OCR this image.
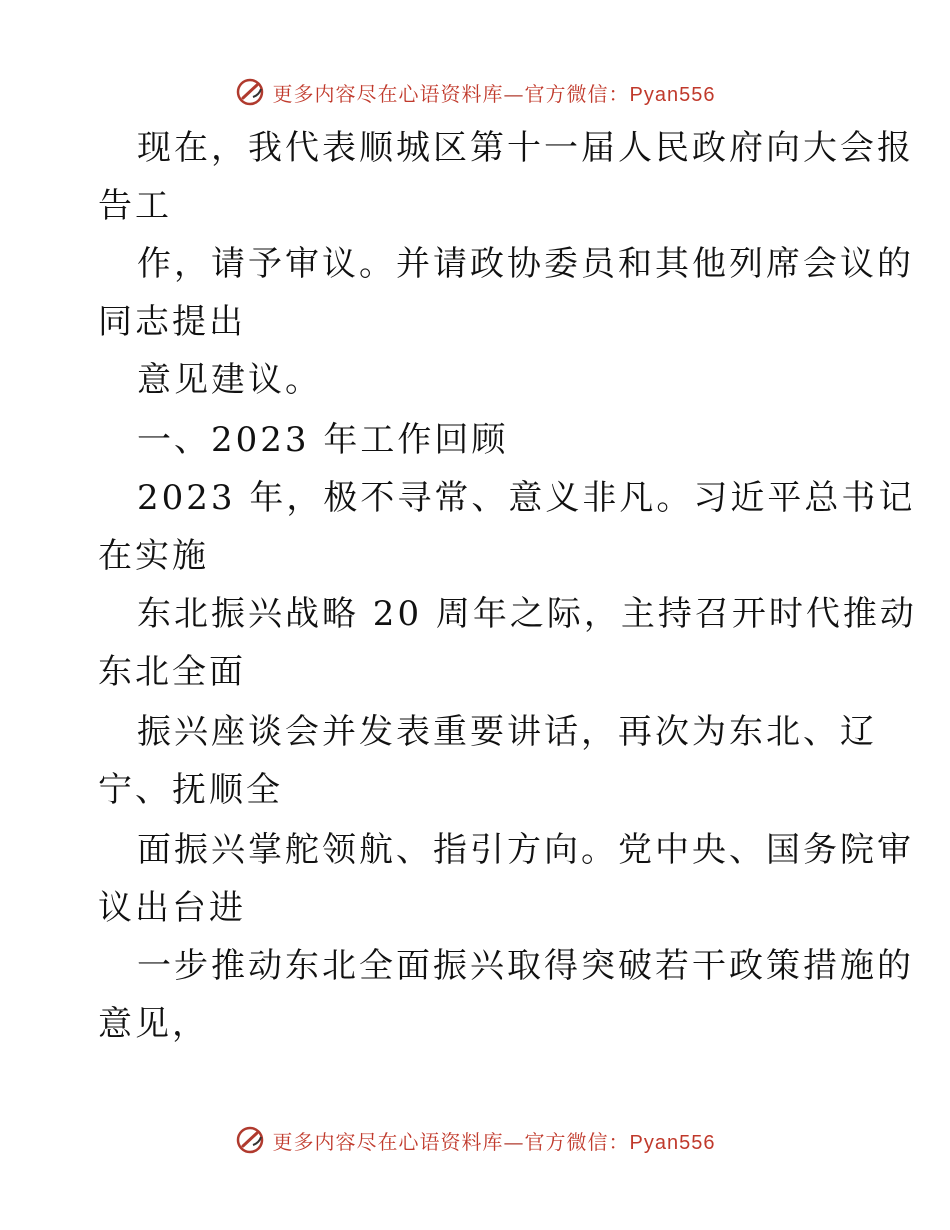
更多内容尽在心语资料库—官方微信：Pyan556
现在，我代表顺城区第十一届人民政府向大会报
告工
作，请予审议。并请政协委员和其他列席会议的
同志提出
意见建议。
一、2023 年工作回顾
2023 年，极不寻常、意义非凡。习近平总书记
在实施
东北振兴战略 20 周年之际，主持召开时代推动
东北全面
振兴座谈会并发表重要讲话，再次为东北、辽
宁、抚顺全
面振兴掌舵领航、指引方向。党中央、国务院审
议出台进
一步推动东北全面振兴取得突破若干政策措施的
意见，
更多内容尽在心语资料库—官方微信：Pyan556
